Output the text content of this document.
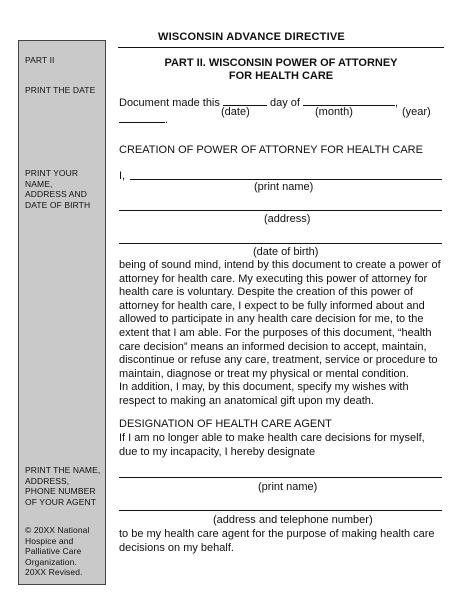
PART II
PRINT THE DATE
PRINT YOUR NAME,
ADDRESS AND
DATE OF BIRTH
PRINT THE NAME,
ADDRESS,
PHONE NUMBER
OF YOUR AGENT
© 20XX National
Hospice and
Palliative Care
Organization.
20XX Revised.
WISCONSIN ADVANCE DIRECTIVE
PART II. WISCONSIN POWER OF ATTORNEY
FOR HEALTH CARE
Document made this	day of	, .
(date)	(month)	(year)
CREATION OF POWER OF ATTORNEY FOR HEALTH CARE
I,
(print name)
(address)
(date of birth)

being of sound mind, intend by this document to create a power of attorney for health care. My executing this power of attorney for health care is voluntary. Despite the creation of this power of attorney for health care, I expect to be fully informed about and allowed to participate in any health care decision for me, to the extent that I am able. For the purposes of this document, “health care decision” means an informed decision to accept, maintain, discontinue or refuse any care, treatment, service or procedure to maintain, diagnose or treat my physical or mental condition.

In addition, I may, by this document, specify my wishes with respect to making an anatomical gift upon my death.

DESIGNATION OF HEALTH CARE AGENT

If I am no longer able to make health care decisions for myself, due to my incapacity, I hereby designate

(print name)
(address and telephone number)

to be my health care agent for the purpose of making health care decisions on my behalf.
